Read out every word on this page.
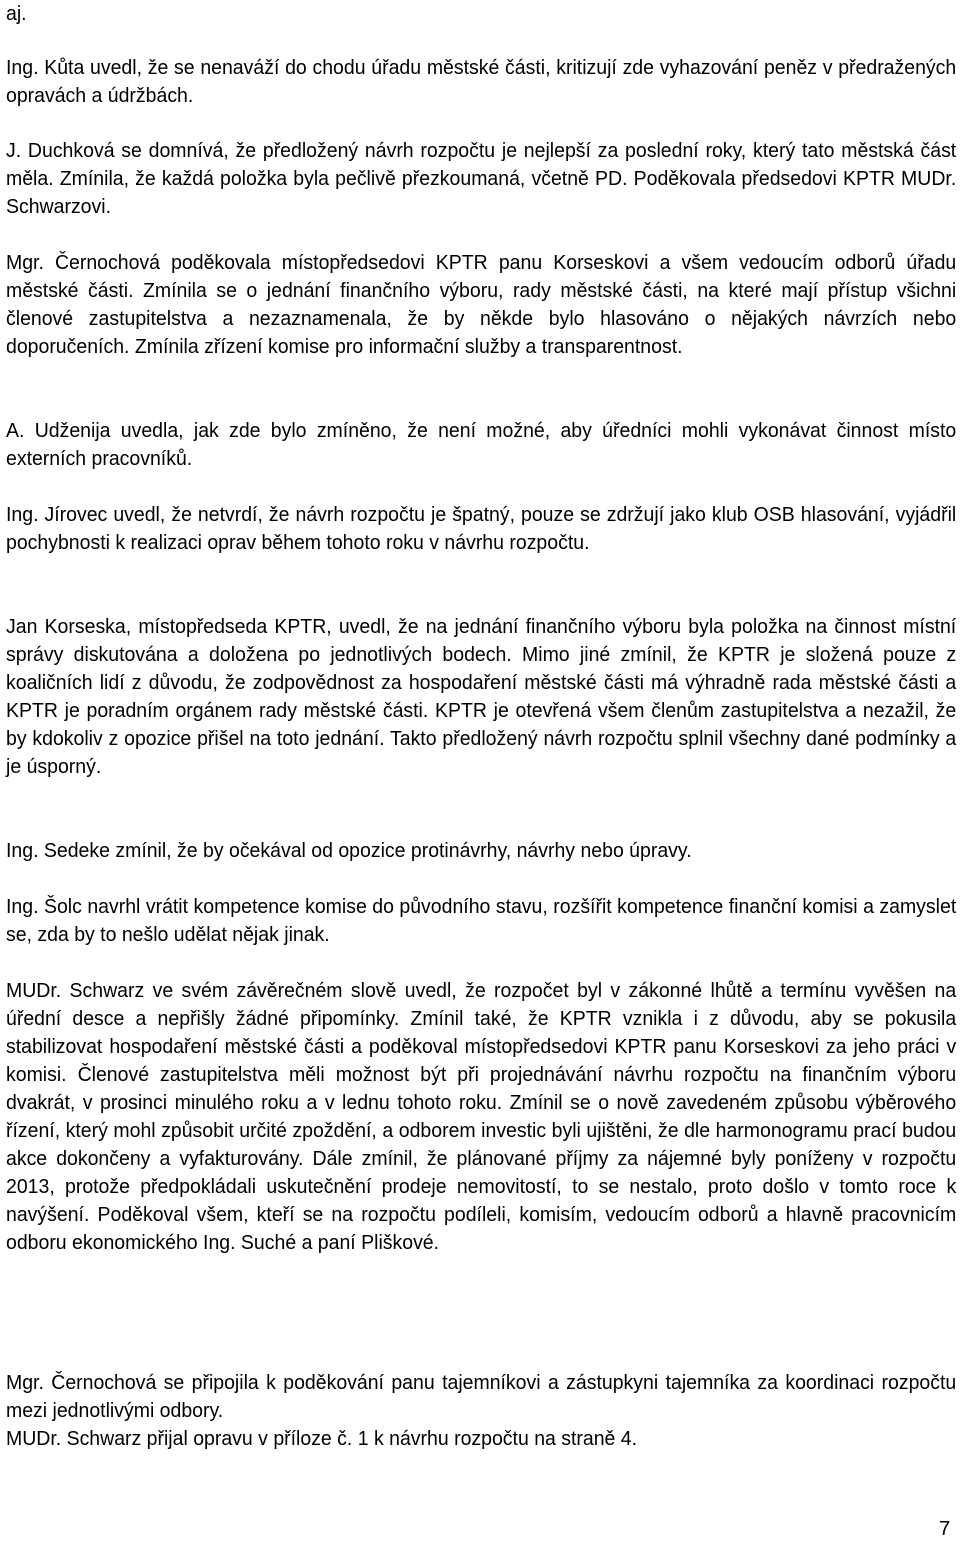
aj.

Ing. Kůta uvedl, že se nenaváží do chodu úřadu městské části, kritizují zde vyhazování peněz v předražených opravách a údržbách.

J. Duchková se domnívá, že předložený návrh rozpočtu je nejlepší za poslední roky, který tato městská část měla. Zmínila, že každá položka byla pečlivě přezkoumaná, včetně PD. Poděkovala předsedovi KPTR MUDr. Schwarzovi.

Mgr. Černochová poděkovala místopředsedovi KPTR panu Korseskovi a všem vedoucím odborů úřadu městské části. Zmínila se o jednání finančního výboru, rady městské části, na které mají přístup všichni členové zastupitelstva a nezaznamenala, že by někde bylo hlasováno o nějakých návrzích nebo doporučeních. Zmínila zřízení komise pro informační služby a transparentnost.

A. Udženija uvedla, jak zde bylo zmíněno, že není možné, aby úředníci mohli vykonávat činnost místo externích pracovníků.

Ing. Jírovec uvedl, že netvrdí, že návrh rozpočtu je špatný, pouze se zdržují jako klub OSB hlasování, vyjádřil pochybnosti k realizaci oprav během tohoto roku v návrhu rozpočtu.

Jan Korseska, místopředseda KPTR, uvedl, že na jednání finančního výboru byla položka na činnost místní správy diskutována a doložena po jednotlivých bodech. Mimo jiné zmínil, že KPTR je složená pouze z koaličních lidí z důvodu, že zodpovědnost za hospodaření městské části má výhradně rada městské části a KPTR je poradním orgánem rady městské části. KPTR je otevřená všem členům zastupitelstva a nezažil, že by kdokoliv z opozice přišel na toto jednání. Takto předložený návrh rozpočtu splnil všechny dané podmínky a je úsporný.

Ing. Sedeke zmínil, že by očekával od opozice protinávrhy, návrhy nebo úpravy.

Ing. Šolc navrhl vrátit kompetence komise do původního stavu, rozšířit kompetence finanční komisi a zamyslet se, zda by to nešlo udělat nějak jinak.

MUDr. Schwarz ve svém závěrečném slově uvedl, že rozpočet byl v zákonné lhůtě a termínu vyvěšen na úřední desce a nepřišly žádné připomínky. Zmínil také, že KPTR vznikla i z důvodu, aby se pokusila stabilizovat hospodaření městské části a poděkoval místopředsedovi KPTR panu Korseskovi za jeho práci v komisi. Členové zastupitelstva měli možnost být při projednávání návrhu rozpočtu na finančním výboru dvakrát, v prosinci minulého roku a v lednu tohoto roku. Zmínil se o nově zavedeném způsobu výběrového řízení, který mohl způsobit určité zpoždění, a odborem investic byli ujištěni, že dle harmonogramu prací budou akce dokončeny a vyfakturovány. Dále zmínil, že plánované příjmy za nájemné byly poníženy v rozpočtu 2013, protože předpokládali uskutečnění prodeje nemovitostí, to se nestalo, proto došlo v tomto roce k navýšení. Poděkoval všem, kteří se na rozpočtu podíleli, komisím, vedoucím odborů a hlavně pracovnicím odboru ekonomického Ing. Suché a paní Pliškové.

Mgr. Černochová se připojila k poděkování panu tajemníkovi a zástupkyni tajemníka za koordinaci rozpočtu mezi jednotlivými odbory.

MUDr. Schwarz přijal opravu v příloze č. 1 k návrhu rozpočtu na straně 4.

7
